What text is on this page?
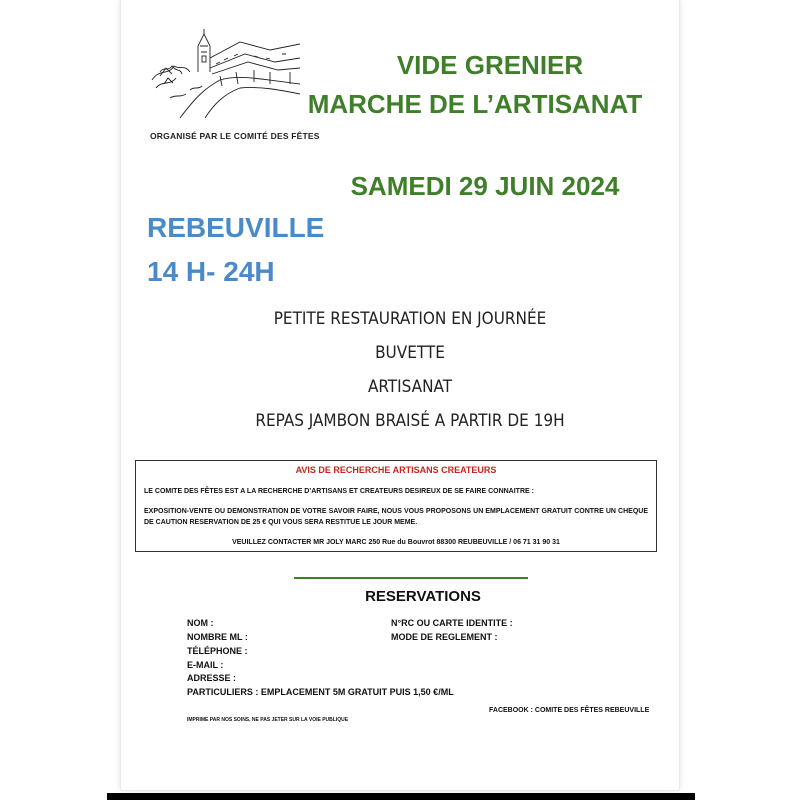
VIDE GRENIER
MARCHE DE L’ARTISANAT
ORGANISÉ PAR LE COMITÉ DES FÊTES
SAMEDI 29 JUIN 2024
REBEUVILLE
14 H- 24H
PETITE RESTAURATION EN JOURNÉE
BUVETTE
ARTISANAT
REPAS JAMBON BRAISÉ A PARTIR DE 19H
AVIS DE RECHERCHE ARTISANS CREATEURS
LE COMITE DES FÊTES EST A LA RECHERCHE D’ARTISANS ET CREATEURS DESIREUX DE SE FAIRE CONNAITRE :
EXPOSITION-VENTE OU DEMONSTRATION DE VOTRE SAVOIR FAIRE, NOUS VOUS PROPOSONS UN EMPLACEMENT GRATUIT CONTRE UN CHEQUE DE CAUTION RESERVATION DE 25 € QUI VOUS SERA RESTITUE LE JOUR MEME.
VEUILLEZ CONTACTER MR JOLY MARC 250 Rue du Bouvrot 88300 REUBEUVILLE / 06 71 31 90 31
RESERVATIONS
NOM :
NOMBRE ML :
TÉLÉPHONE :
E-MAIL :
ADRESSE :
PARTICULIERS : EMPLACEMENT 5M GRATUIT PUIS 1,50 €/ML
N°RC OU CARTE IDENTITE :
MODE DE REGLEMENT :
FACEBOOK : COMITE DES FÊTES REBEUVILLE
IMPRIME PAR NOS SOINS, NE PAS JETER SUR LA VOIE PUBLIQUE
